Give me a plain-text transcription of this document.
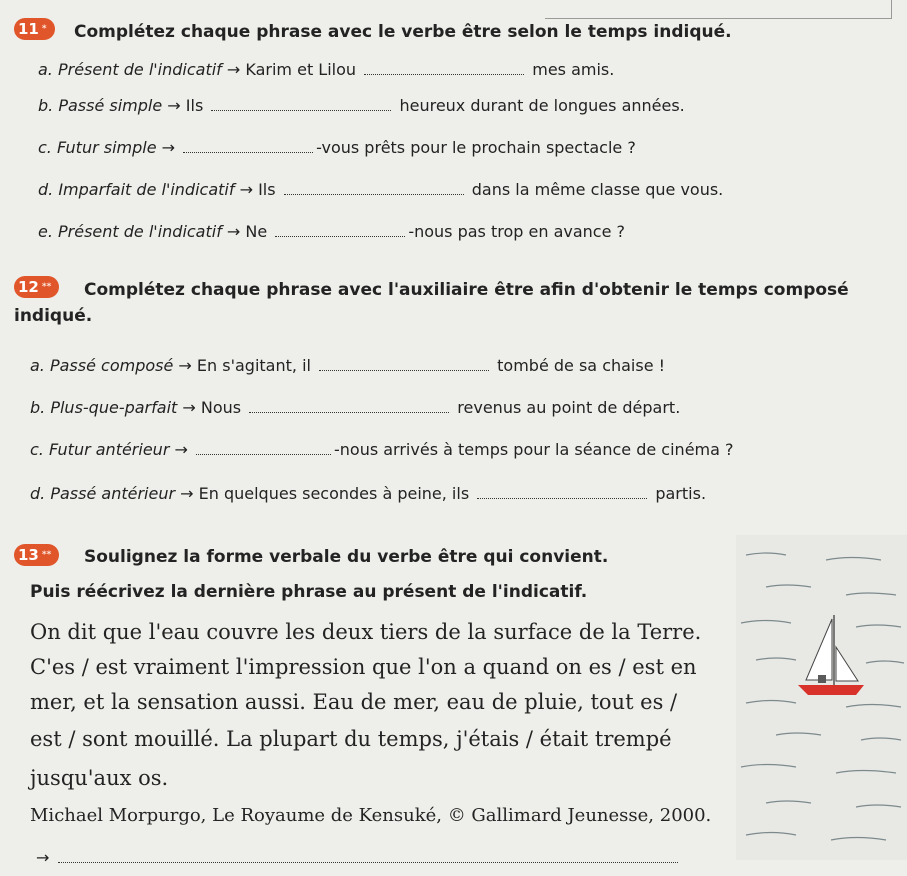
11 * Complétez chaque phrase avec le verbe être selon le temps indiqué.
a. Présent de l'indicatif → Karim et Lilou	mes amis.
b. Passé simple → Ils	heureux durant de longues années.
c. Futur simple →	-vous prêts pour le prochain spectacle ?
d. Imparfait de l'indicatif → Ils	dans la même classe que vous.
e. Présent de l'indicatif → Ne	-nous pas trop en avance ?
12 ** Complétez chaque phrase avec l'auxiliaire être afin d'obtenir le temps composé
indiqué.
a. Passé composé → En s'agitant, il	tombé de sa chaise !
b. Plus-que-parfait → Nous	revenus au point de départ.
c. Futur antérieur →	-nous arrivés à temps pour la séance de cinéma ?
d. Passé antérieur → En quelques secondes à peine, ils	partis.
13 ** Soulignez la forme verbale du verbe être qui convient.
Puis réécrivez la dernière phrase au présent de l'indicatif.
On dit que l'eau couvre les deux tiers de la surface de la Terre.
C'es / est vraiment l'impression que l'on a quand on es / est en
mer, et la sensation aussi. Eau de mer, eau de pluie, tout es /
est / sont mouillé. La plupart du temps, j'étais / était trempé
jusqu'aux os.
Michael Morpurgo, Le Royaume de Kensuké, © Gallimard Jeunesse, 2000.
→
